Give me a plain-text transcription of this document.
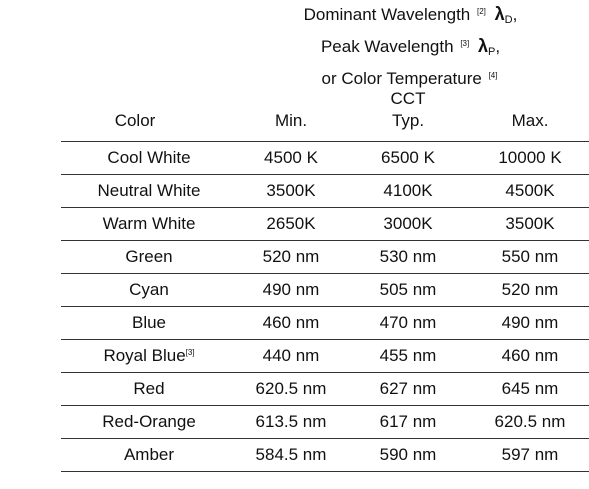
Dominant Wavelength [2] $\lambda_D$,
Peak Wavelength [3] $\lambda_P$,
or Color Temperature [4]
CCT
Color	Min.	Typ.	Max.
Cool White	4500 K	6500 K	10000 K
Neutral White	3500K	4100K	4500K
Warm White	2650K	3000K	3500K
Green	520 nm	530 nm	550 nm
Cyan	490 nm	505 nm	520 nm
Blue	460 nm	470 nm	490 nm
Royal Blue[3]	440 nm	455 nm	460 nm
Red	620.5 nm	627 nm	645 nm
Red-Orange	613.5 nm	617 nm	620.5 nm
Amber	584.5 nm	590 nm	597 nm
